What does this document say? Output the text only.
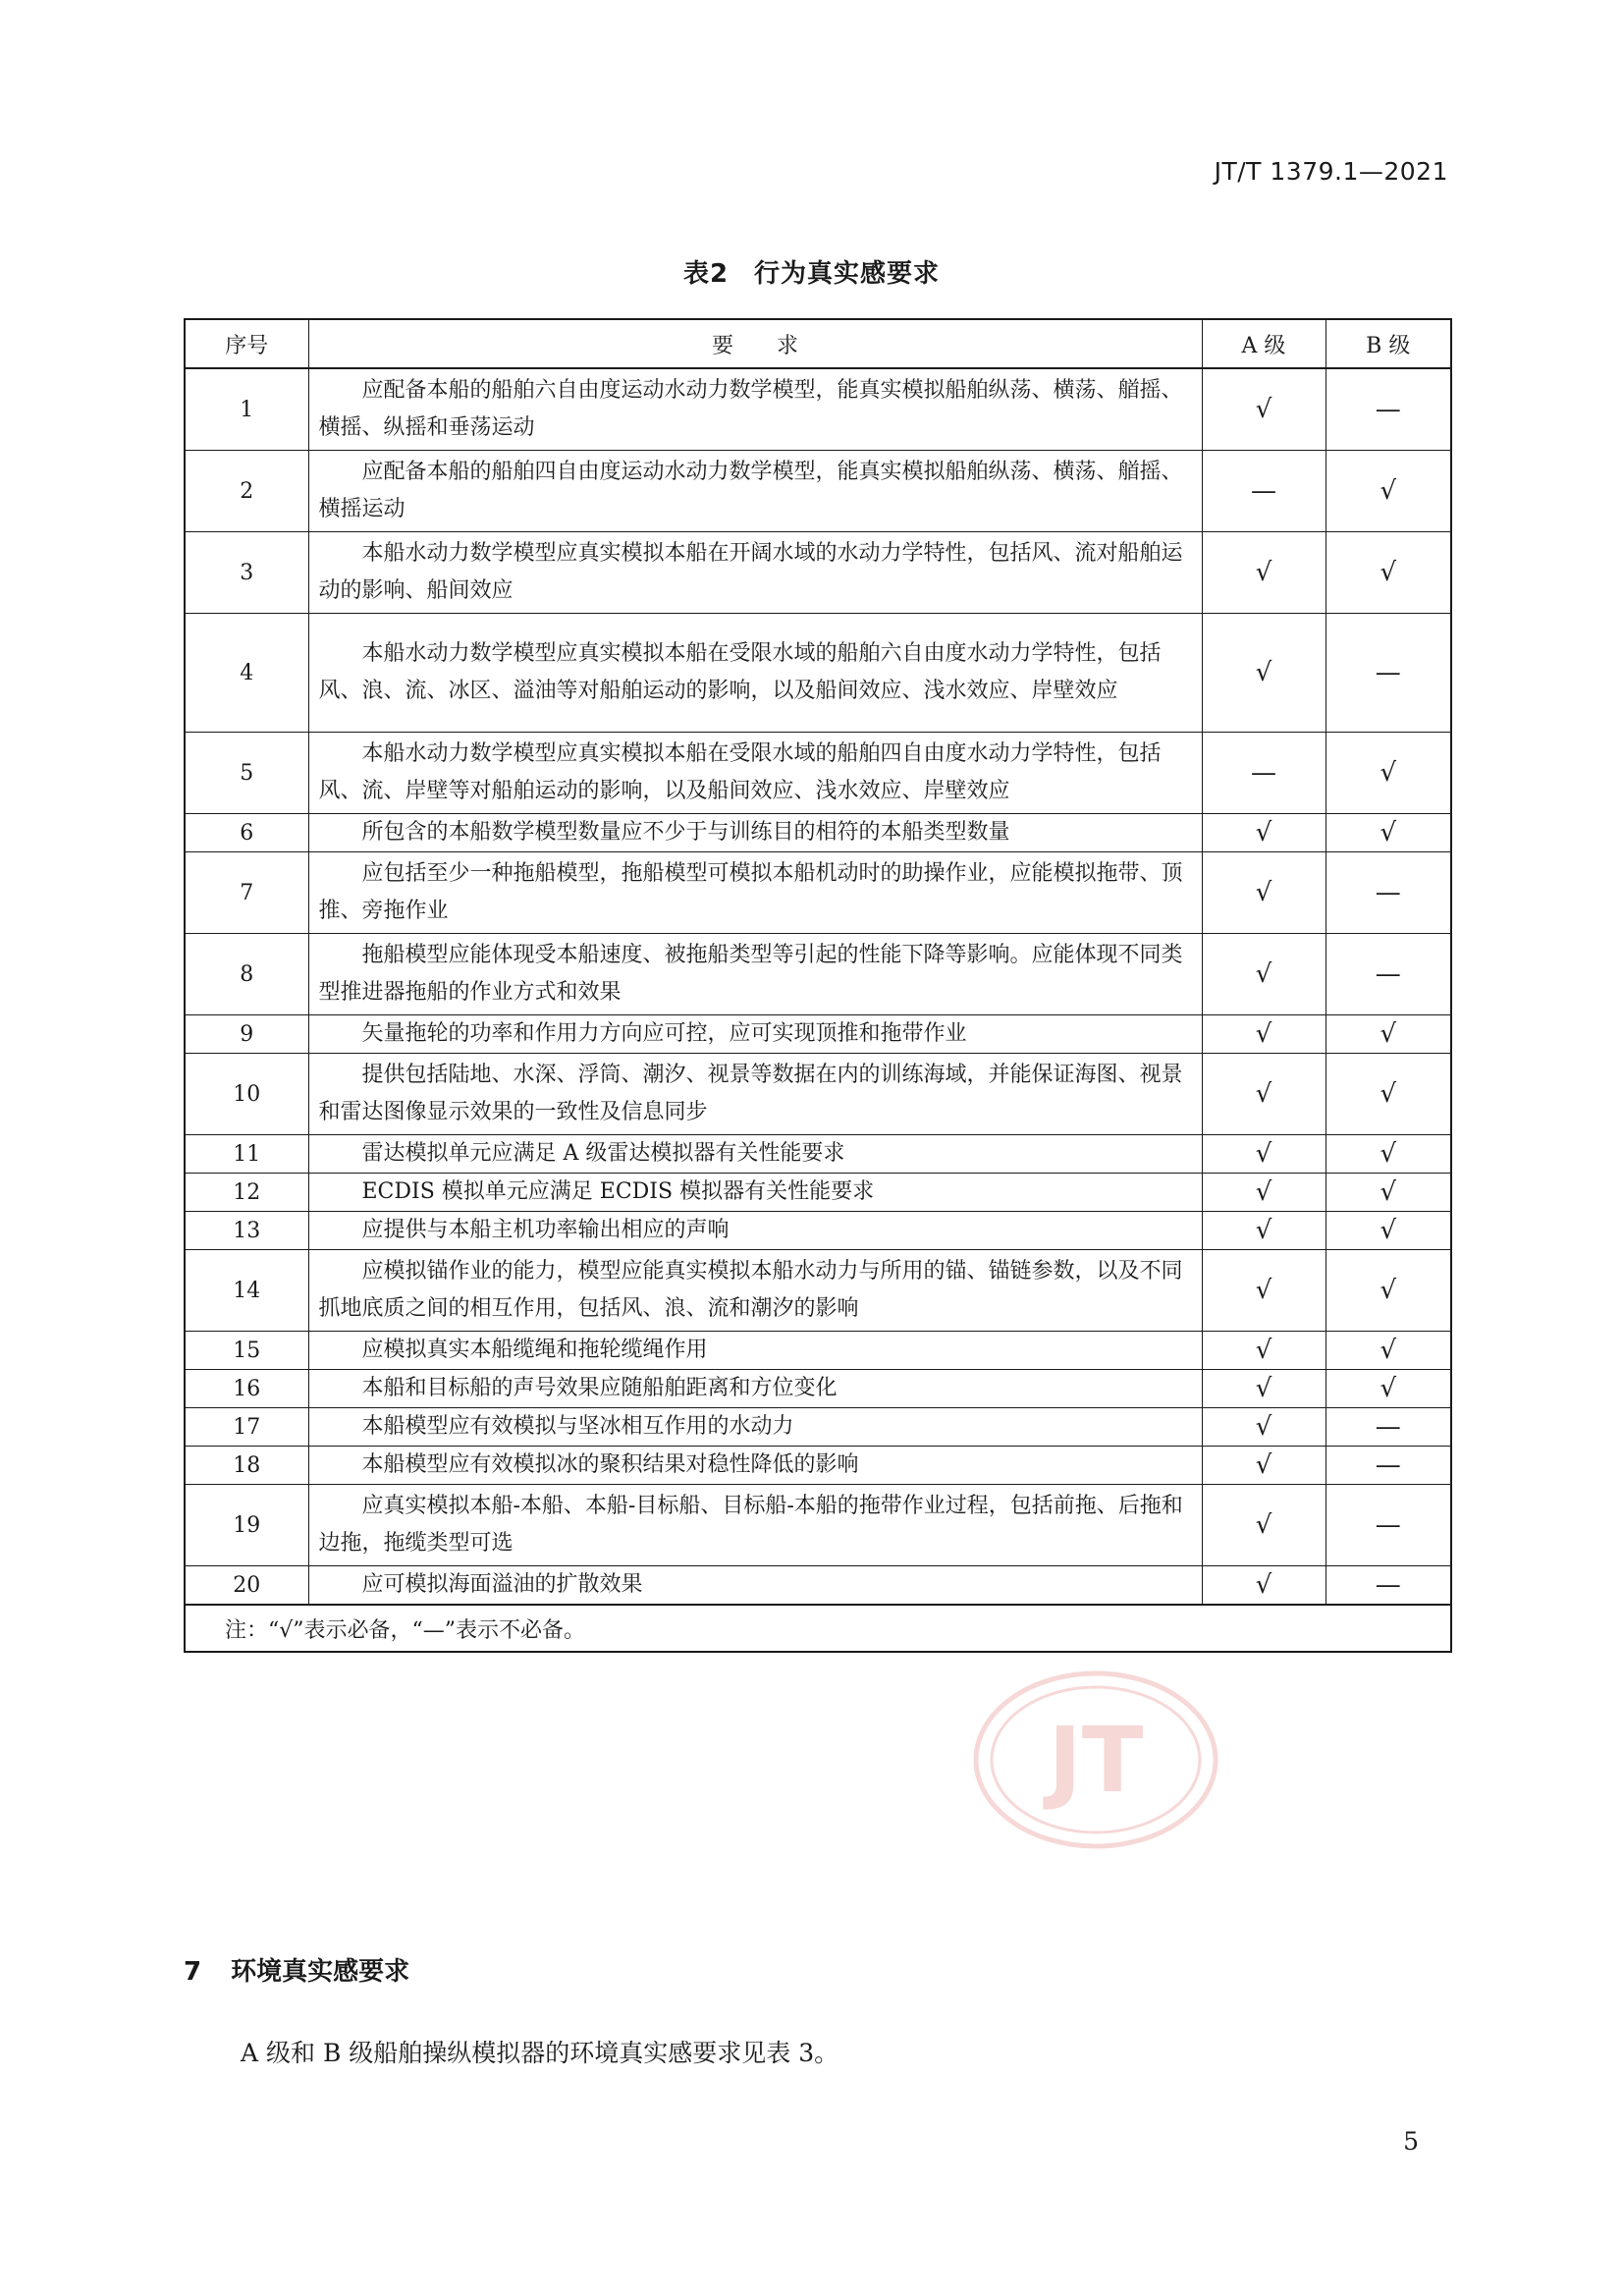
JT/T 1379.1—2021
表2 行为真实感要求
序号	要　　求	A 级	B 级
1	应配备本船的船舶六自由度运动水动力数学模型，能真实模拟船舶纵荡、横荡、艏摇、横摇、纵摇和垂荡运动	√	—
2	应配备本船的船舶四自由度运动水动力数学模型，能真实模拟船舶纵荡、横荡、艏摇、横摇运动	—	√
3	本船水动力数学模型应真实模拟本船在开阔水域的水动力学特性，包括风、流对船舶运动的影响、船间效应	√	√
4	本船水动力数学模型应真实模拟本船在受限水域的船舶六自由度水动力学特性，包括风、浪、流、冰区、溢油等对船舶运动的影响，以及船间效应、浅水效应、岸壁效应	√	—
5	本船水动力数学模型应真实模拟本船在受限水域的船舶四自由度水动力学特性，包括风、流、岸壁等对船舶运动的影响，以及船间效应、浅水效应、岸壁效应	—	√
6	所包含的本船数学模型数量应不少于与训练目的相符的本船类型数量	√	√
7	应包括至少一种拖船模型，拖船模型可模拟本船机动时的助操作业，应能模拟拖带、顶推、旁拖作业	√	—
8	拖船模型应能体现受本船速度、被拖船类型等引起的性能下降等影响。应能体现不同类型推进器拖船的作业方式和效果	√	—
9	矢量拖轮的功率和作用力方向应可控，应可实现顶推和拖带作业	√	√
10	提供包括陆地、水深、浮筒、潮汐、视景等数据在内的训练海域，并能保证海图、视景和雷达图像显示效果的一致性及信息同步	√	√
11	雷达模拟单元应满足 A 级雷达模拟器有关性能要求	√	√
12	ECDIS 模拟单元应满足 ECDIS 模拟器有关性能要求	√	√
13	应提供与本船主机功率输出相应的声响	√	√
14	应模拟锚作业的能力，模型应能真实模拟本船水动力与所用的锚、锚链参数，以及不同抓地底质之间的相互作用，包括风、浪、流和潮汐的影响	√	√
15	应模拟真实本船缆绳和拖轮缆绳作用	√	√
16	本船和目标船的声号效果应随船舶距离和方位变化	√	√
17	本船模型应有效模拟与坚冰相互作用的水动力	√	—
18	本船模型应有效模拟冰的聚积结果对稳性降低的影响	√	—
19	应真实模拟本船-本船、本船-目标船、目标船-本船的拖带作业过程，包括前拖、后拖和边拖，拖缆类型可选	√	—
20	应可模拟海面溢油的扩散效果	√	—
注：“√”表示必备，“—”表示不必备。			
JT
7 环境真实感要求
A 级和 B 级船舶操纵模拟器的环境真实感要求见表 3。
5
